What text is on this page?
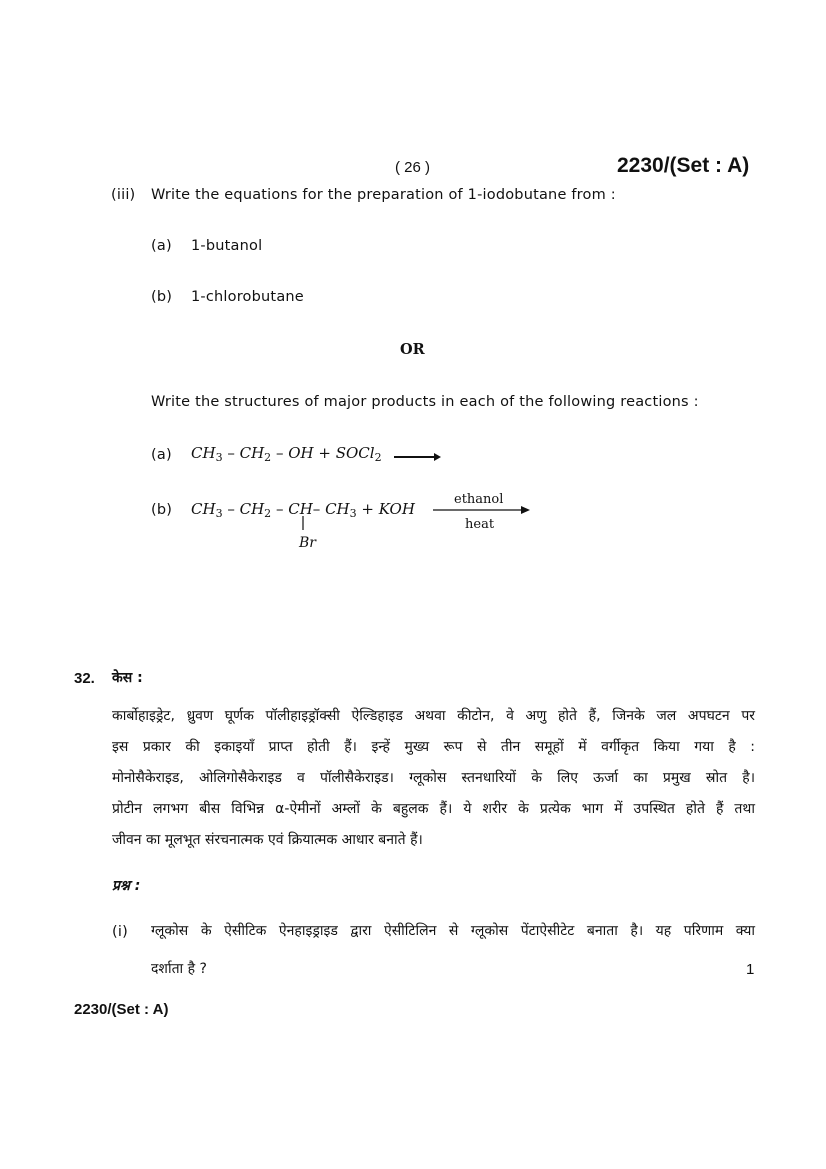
( 26 )	2230/(Set : A)
(iii) Write the equations for the preparation of 1-iodobutane from :
(a) 1-butanol
(b) 1-chlorobutane
OR
Write the structures of major products in each of the following reactions :
(a) $CH_3 - CH_2$ – OH + SOCl$_2$
(b) $CH_3 - CH_2 - CH-$ $CH_3$ + KOH
ethanol
heat
Br
32. केस :
कार्बोहाइड्रेट, ध्रुवण घूर्णक पॉलीहाइड्रॉक्सी ऐल्डिहाइड अथवा कीटोन, वे अणु होते हैं, जिनके जल अपघटन पर
इस प्रकार की इकाइयाँ प्राप्त होती हैं। इन्हें मुख्य रूप से तीन समूहों में वर्गीकृत किया गया है :
मोनोसैकेराइड, ओलिगोसैकेराइड व पॉलीसैकेराइड। ग्लूकोस स्तनधारियों के लिए ऊर्जा का प्रमुख स्रोत है।
प्रोटीन लगभग बीस विभिन्न α-ऐमीनों अम्लों के बहुलक हैं। ये शरीर के प्रत्येक भाग में उपस्थित होते हैं तथा
जीवन का मूलभूत संरचनात्मक एवं क्रियात्मक आधार बनाते हैं।
प्रश्न :
(i) ग्लूकोस के ऐसीटिक ऐनहाइड्राइड द्वारा ऐसीटिलिन से ग्लूकोस पेंटाऐसीटेट बनाता है। यह परिणाम क्या
दर्शाता है ?	1
2230/(Set : A)
